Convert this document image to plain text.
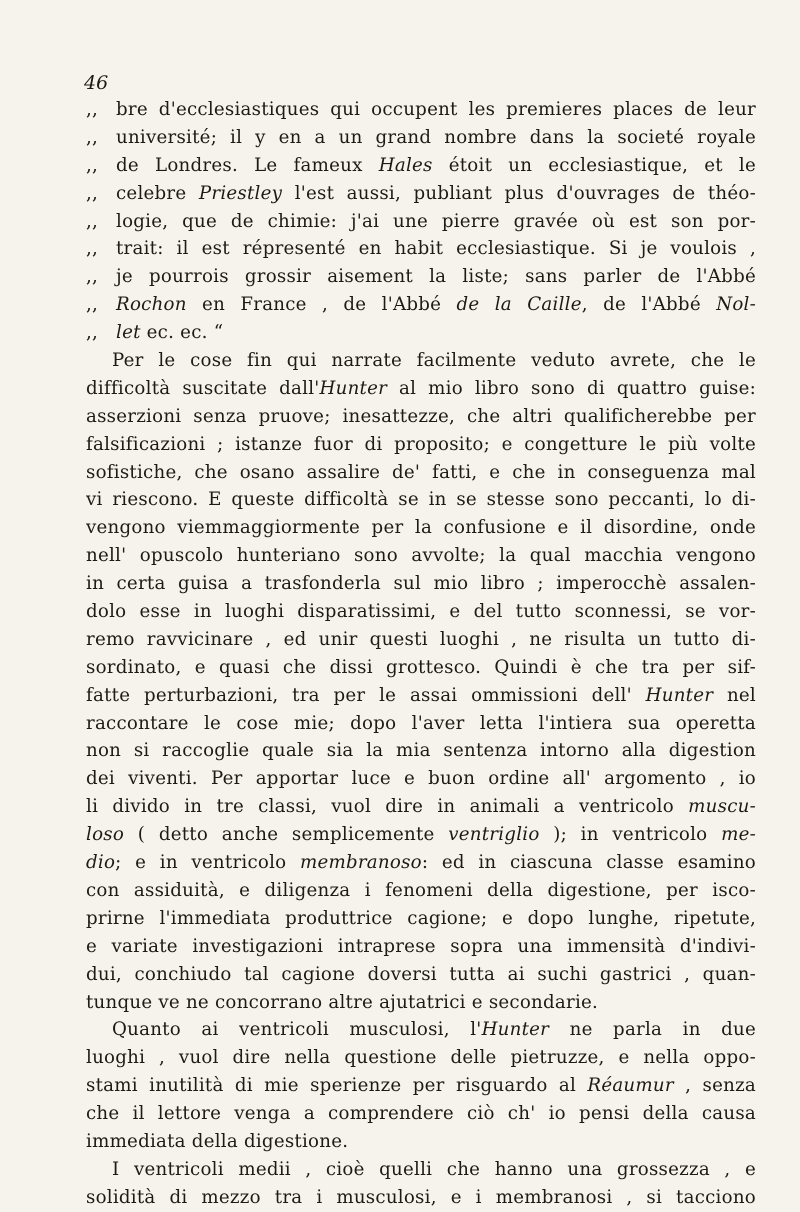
46
,, bre d'ecclesiastiques qui occupent les premieres places de leur
,, université; il y en a un grand nombre dans la societé royale
,, de Londres. Le fameux Hales étoit un ecclesiastique, et le
,, celebre Priestley l'est aussi, publiant plus d'ouvrages de théo-
,, logie, que de chimie: j'ai une pierre gravée où est son por-
,, trait: il est répresenté en habit ecclesiastique. Si je voulois ,
,, je pourrois grossir aisement la liste; sans parler de l'Abbé
,, Rochon en France , de l'Abbé de la Caille, de l'Abbé Nol-
,, let ec. ec. “
Per le cose fin qui narrate facilmente veduto avrete, che le
difficoltà suscitate dall'Hunter al mio libro sono di quattro guise:
asserzioni senza pruove; inesattezze, che altri qualificherebbe per
falsificazioni ; istanze fuor di proposito; e congetture le più volte
sofistiche, che osano assalire de' fatti, e che in conseguenza mal
vi riescono. E queste difficoltà se in se stesse sono peccanti, lo di-
vengono viemmaggiormente per la confusione e il disordine, onde
nell' opuscolo hunteriano sono avvolte; la qual macchia vengono
in certa guisa a trasfonderla sul mio libro ; imperocchè assalen-
dolo esse in luoghi disparatissimi, e del tutto sconnessi, se vor-
remo ravvicinare , ed unir questi luoghi , ne risulta un tutto di-
sordinato, e quasi che dissi grottesco. Quindi è che tra per sif-
fatte perturbazioni, tra per le assai ommissioni dell' Hunter nel
raccontare le cose mie; dopo l'aver letta l'intiera sua operetta
non si raccoglie quale sia la mia sentenza intorno alla digestion
dei viventi. Per apportar luce e buon ordine all' argomento , io
li divido in tre classi, vuol dire in animali a ventricolo muscu-
loso ( detto anche semplicemente ventriglio ); in ventricolo me-
dio; e in ventricolo membranoso: ed in ciascuna classe esamino
con assiduità, e diligenza i fenomeni della digestione, per isco-
prirne l'immediata produttrice cagione; e dopo lunghe, ripetute,
e variate investigazioni intraprese sopra una immensità d'indivi-
dui, conchiudo tal cagione doversi tutta ai suchi gastrici , quan-
tunque ve ne concorrano altre ajutatrici e secondarie.
Quanto ai ventricoli musculosi, l'Hunter ne parla in due
luoghi , vuol dire nella questione delle pietruzze, e nella oppo-
stami inutilità di mie sperienze per risguardo al Réaumur , senza
che il lettore venga a comprendere ciò ch' io pensi della causa
immediata della digestione.
I ventricoli medii , cioè quelli che hanno una grossezza , e
solidità di mezzo tra i musculosi, e i membranosi , si tacciono
